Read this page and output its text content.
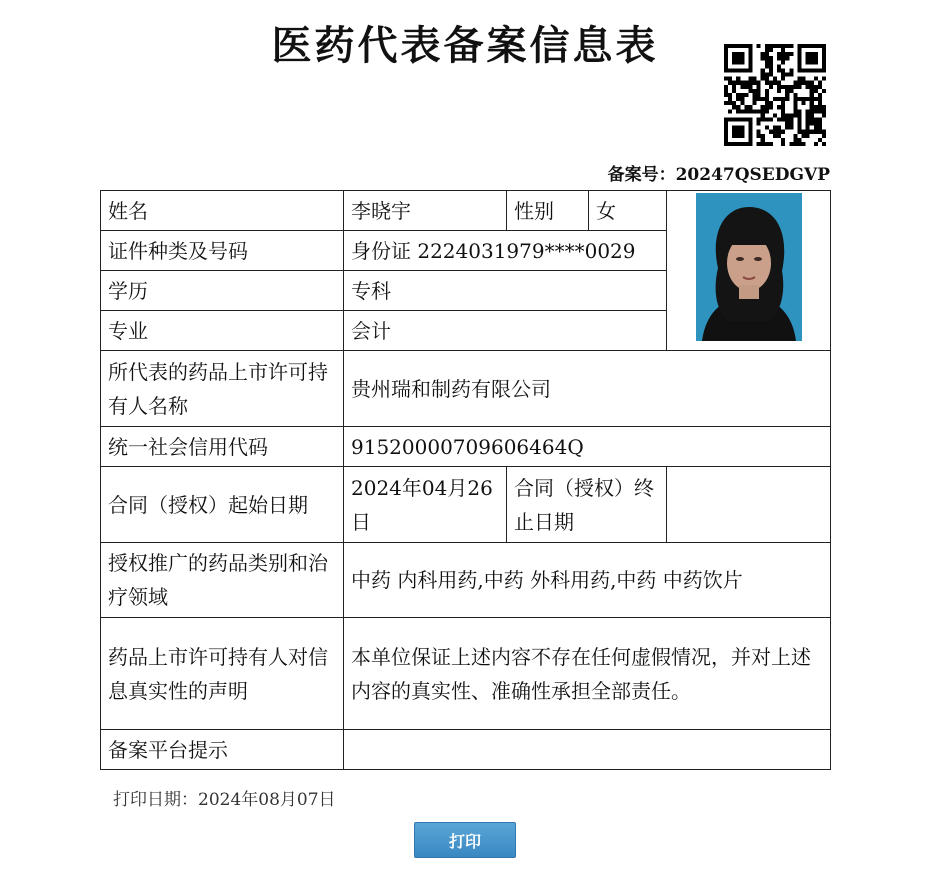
医药代表备案信息表
备案号：20247QSEDGVP
姓名	李晓宇	性别	女	

证件种类及号码	身份证 2224031979****0029			
学历	专科			
专业	会计			
所代表的药品上市许可持有人名称	贵州瑞和制药有限公司			
统一社会信用代码	91520000709606464Q			
合同（授权）起始日期	2024年04月26日	合同（授权）终止日期		
授权推广的药品类别和治疗领域	中药 内科用药,中药 外科用药,中药 中药饮片			
药品上市许可持有人对信息真实性的声明	本单位保证上述内容不存在任何虚假情况，并对上述内容的真实性、准确性承担全部责任。			
备案平台提示				
打印日期：2024年08月07日
打印
